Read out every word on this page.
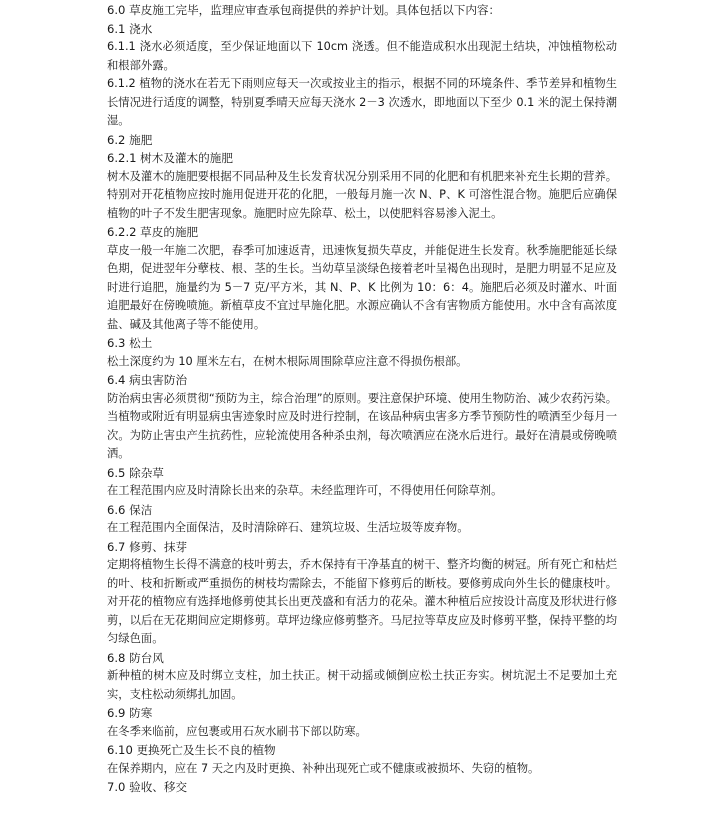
6.0 草皮施工完毕，监理应审查承包商提供的养护计划。具体包括以下内容：

6.1 浇水

6.1.1 浇水必须适度，至少保证地面以下 10cm 浇透。但不能造成积水出现泥土结块，冲蚀植物松动和根部外露。

6.1.2 植物的浇水在若无下雨则应每天一次或按业主的指示，根据不同的环境条件、季节差异和植物生长情况进行适度的调整，特别夏季晴天应每天浇水 2－3 次透水，即地面以下至少 0.1 米的泥土保持潮湿。

6.2 施肥

6.2.1 树木及灌木的施肥

树木及灌木的施肥要根据不同品种及生长发育状况分别采用不同的化肥和有机肥来补充生长期的营养。特别对开花植物应按时施用促进开花的化肥，一般每月施一次 N、P、K 可溶性混合物。施肥后应确保植物的叶子不发生肥害现象。施肥时应先除草、松土，以使肥料容易渗入泥土。

6.2.2 草皮的施肥

草皮一般一年施二次肥，春季可加速返青，迅速恢复损失草皮，并能促进生长发育。秋季施肥能延长绿色期，促进翌年分孽枝、根、茎的生长。当幼草呈淡绿色接着老叶呈褐色出现时，是肥力明显不足应及时进行追肥，施量约为 5－7 克/平方米，其 N、P、K 比例为 10：6：4。施肥后必须及时灌水、叶面追肥最好在傍晚喷施。新植草皮不宜过早施化肥。水源应确认不含有害物质方能使用。水中含有高浓度盐、碱及其他离子等不能使用。

6.3 松土

松土深度约为 10 厘米左右，在树木根际周围除草应注意不得损伤根部。

6.4 病虫害防治

防治病虫害必须贯彻“预防为主，综合治理”的原则。要注意保护环境、使用生物防治、减少农药污染。当植物或附近有明显病虫害迹象时应及时进行控制，在该品种病虫害多方季节预防性的喷洒至少每月一次。为防止害虫产生抗药性，应轮流使用各种杀虫剂，每次喷洒应在浇水后进行。最好在清晨或傍晚喷洒。

6.5 除杂草

在工程范围内应及时清除长出来的杂草。未经监理许可，不得使用任何除草剂。

6.6 保洁

在工程范围内全面保洁，及时清除碎石、建筑垃圾、生活垃圾等废弃物。

6.7 修剪、抹芽

定期将植物生长得不满意的枝叶剪去，乔木保持有干净基直的树干、整齐均衡的树冠。所有死亡和枯烂的叶、枝和折断或严重损伤的树枝均需除去，不能留下修剪后的断枝。要修剪成向外生长的健康枝叶。对开花的植物应有选择地修剪使其长出更茂盛和有活力的花朵。灌木种植后应按设计高度及形状进行修剪，以后在无花期间应定期修剪。草坪边缘应修剪整齐。马尼拉等草皮应及时修剪平整，保持平整的均匀绿色面。

6.8 防台风

新种植的树木应及时绑立支柱，加土扶正。树干动摇或倾倒应松土扶正夯实。树坑泥土不足要加土充实，支柱松动须绑扎加固。

6.9 防寒

在冬季来临前，应包裹或用石灰水刷书下部以防寒。

6.10 更换死亡及生长不良的植物

在保养期内，应在 7 天之内及时更换、补种出现死亡或不健康或被损坏、失窃的植物。

7.0 验收、移交
